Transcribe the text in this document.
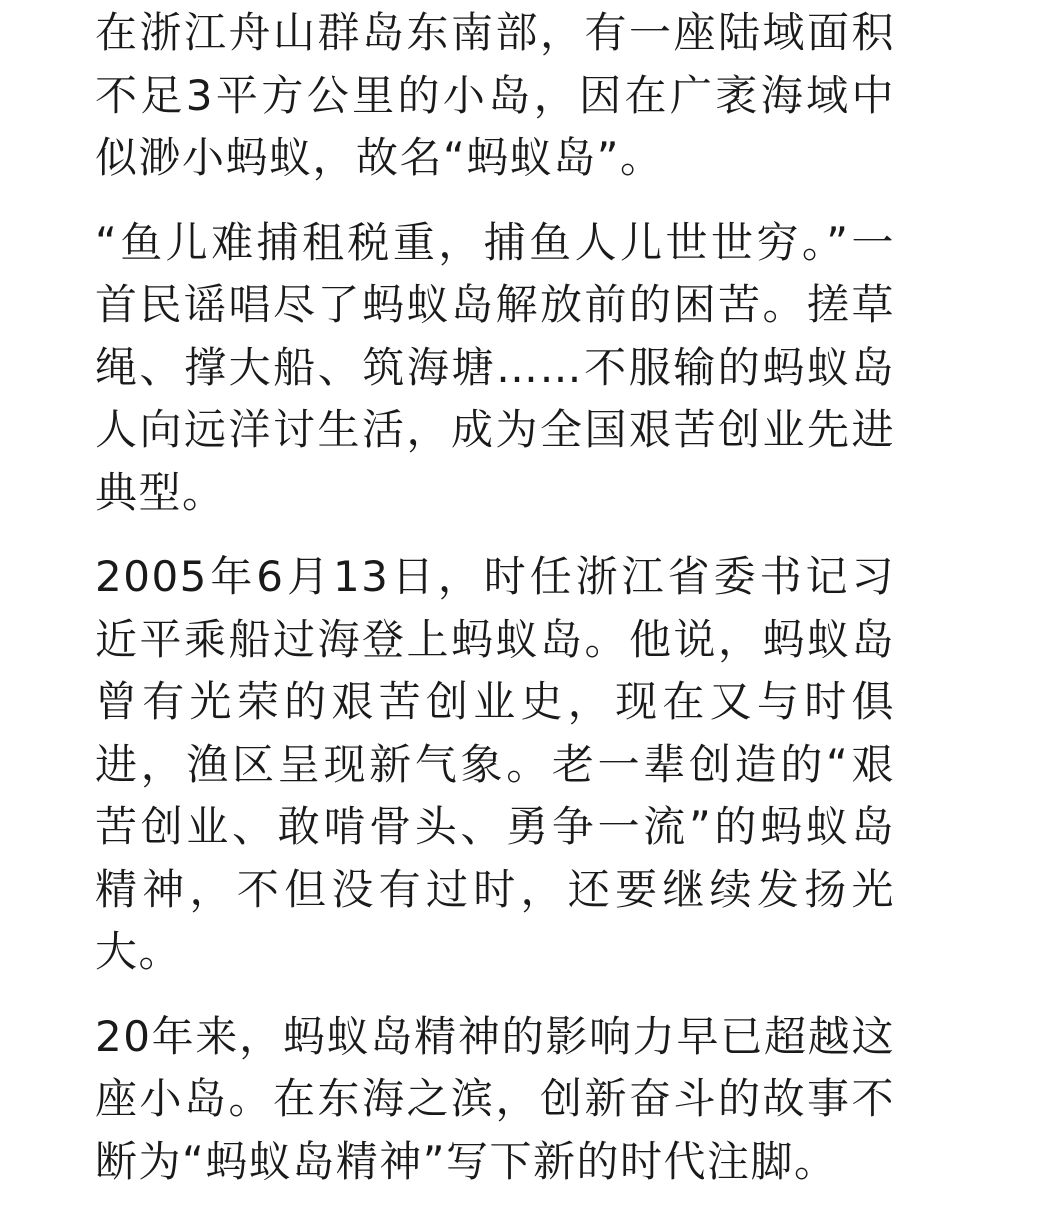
在浙江舟山群岛东南部，有一座陆域面积不足3平方公里的小岛，因在广袤海域中似渺小蚂蚁，故名“蚂蚁岛”。

“鱼儿难捕租税重，捕鱼人儿世世穷。”一首民谣唱尽了蚂蚁岛解放前的困苦。搓草绳、撑大船、筑海塘……不服输的蚂蚁岛人向远洋讨生活，成为全国艰苦创业先进典型。

2005年6月13日，时任浙江省委书记习近平乘船过海登上蚂蚁岛。他说，蚂蚁岛曾有光荣的艰苦创业史，现在又与时俱进，渔区呈现新气象。老一辈创造的“艰苦创业、敢啃骨头、勇争一流”的蚂蚁岛精神，不但没有过时，还要继续发扬光大。

20年来，蚂蚁岛精神的影响力早已超越这座小岛。在东海之滨，创新奋斗的故事不断为“蚂蚁岛精神”写下新的时代注脚。
